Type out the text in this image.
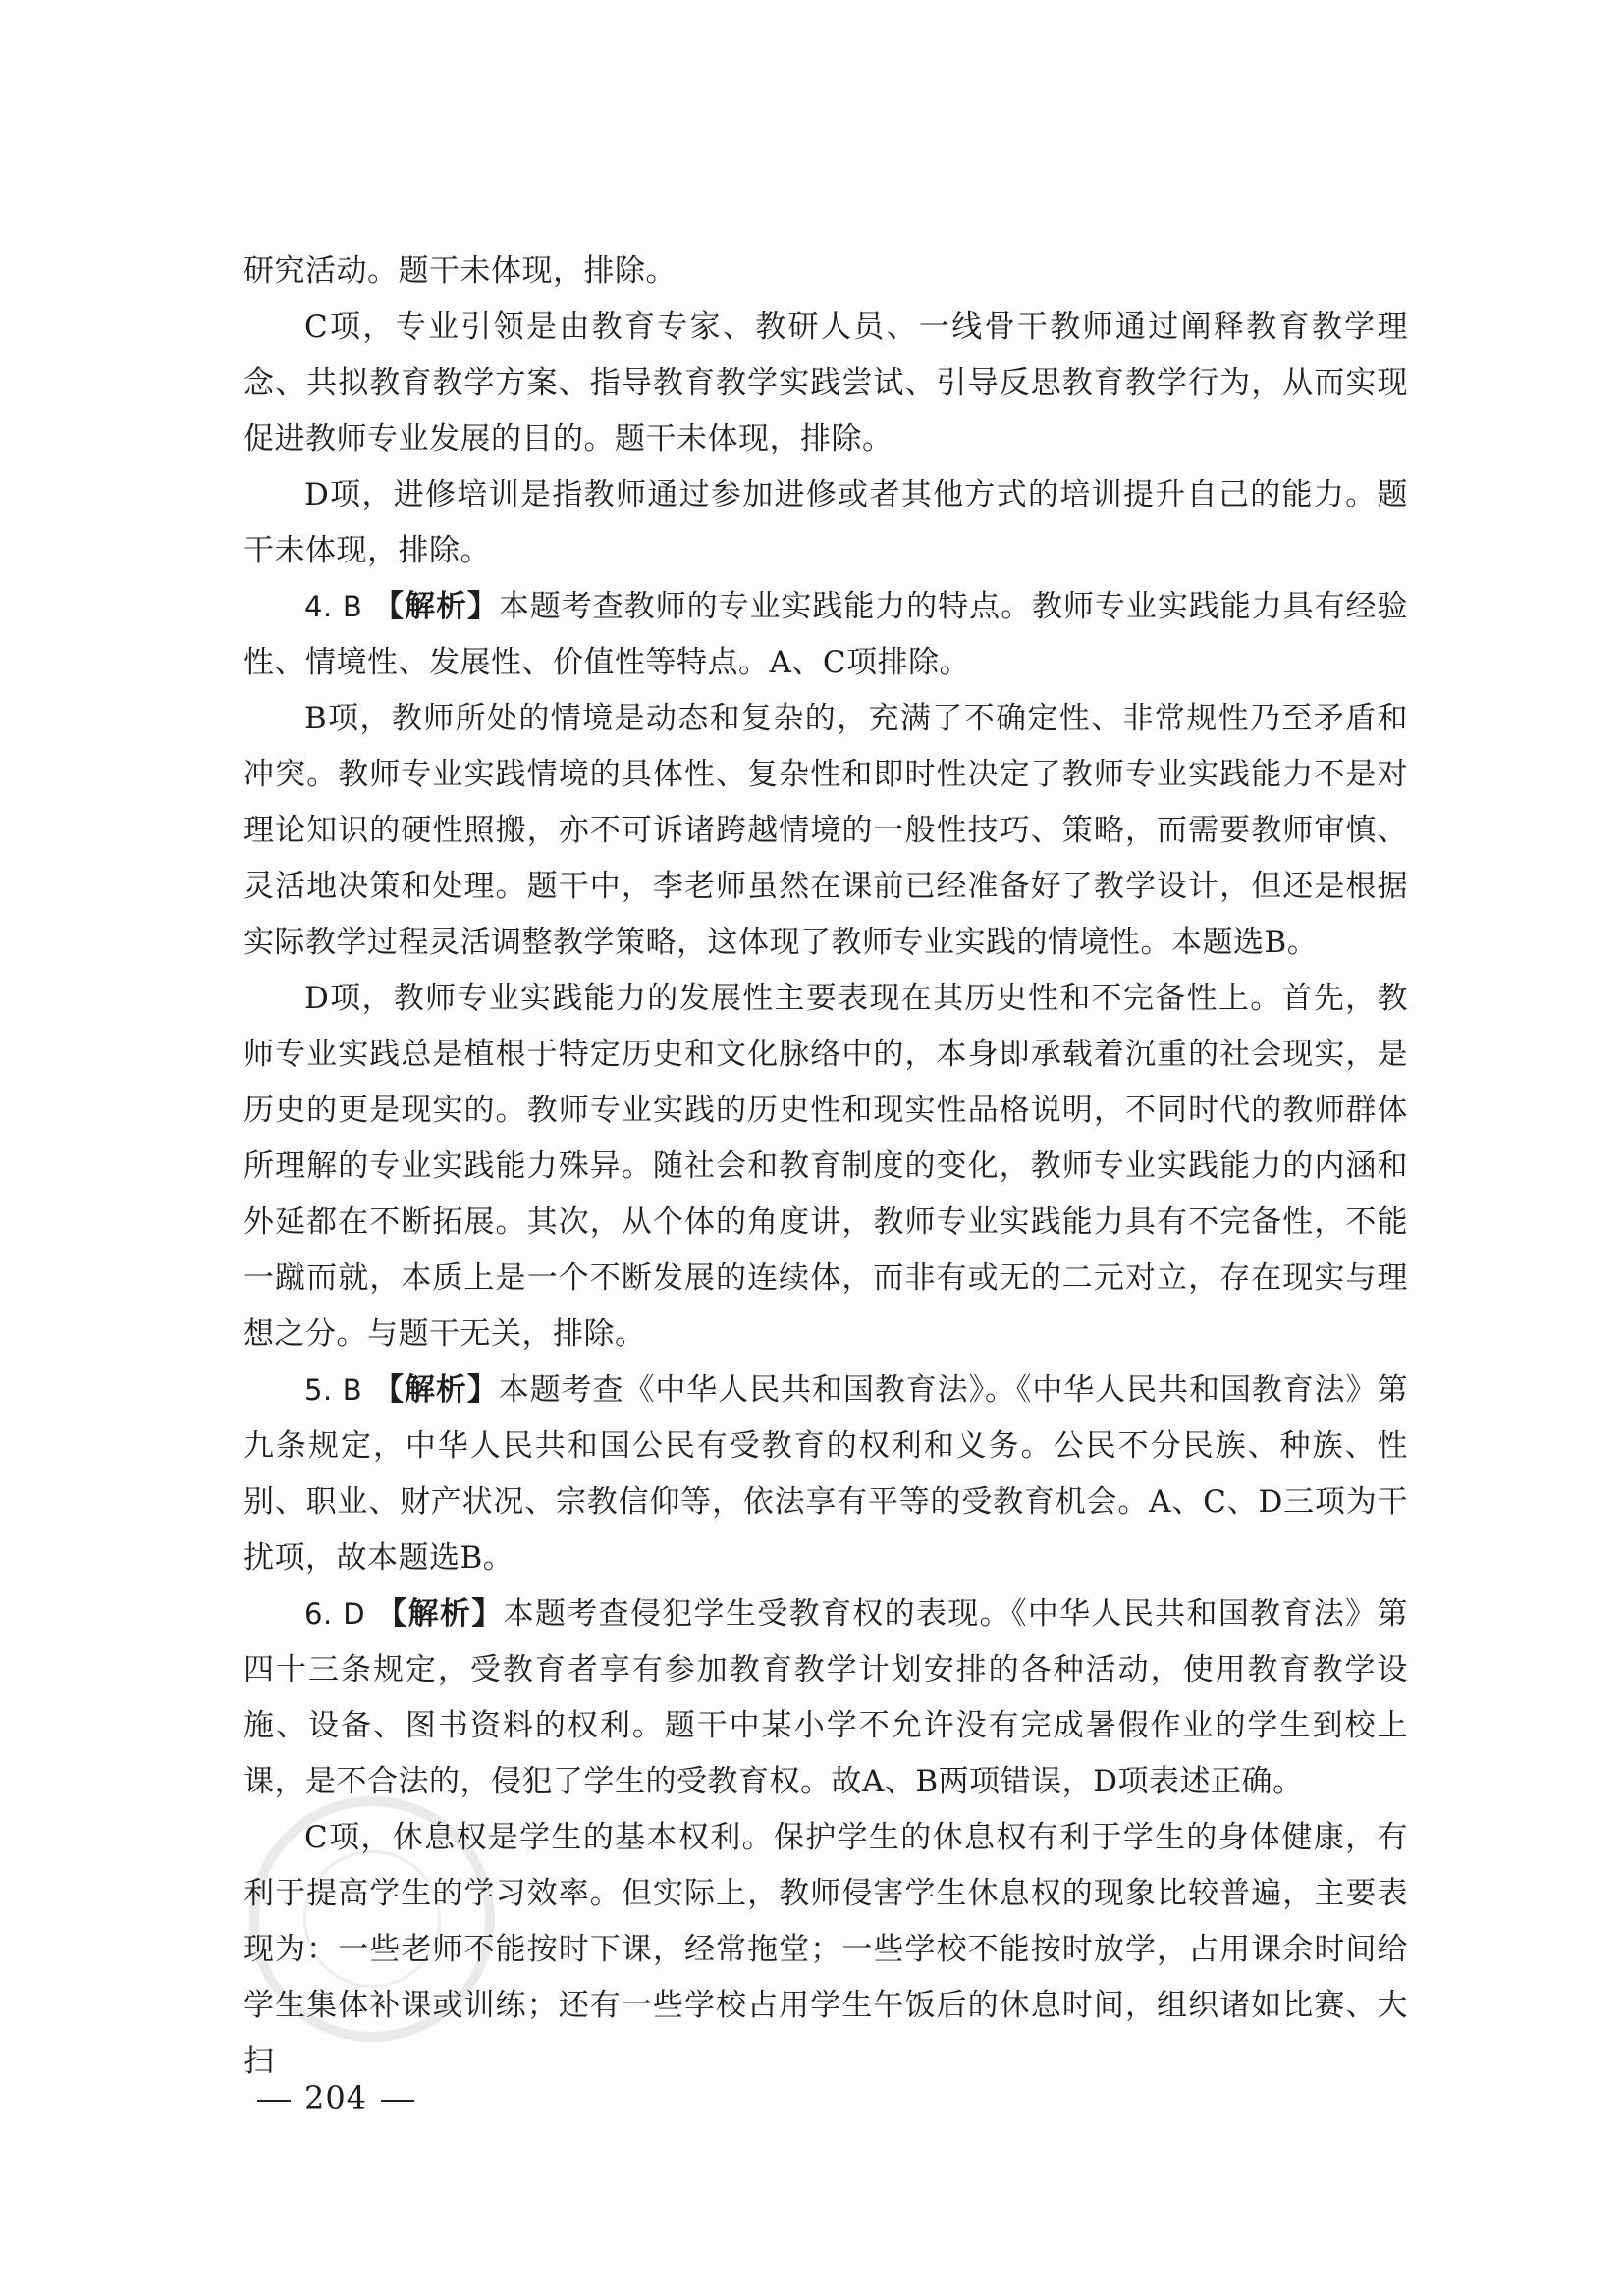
研究活动。题干未体现，排除。

C项，专业引领是由教育专家、教研人员、一线骨干教师通过阐释教育教学理念、共拟教育教学方案、指导教育教学实践尝试、引导反思教育教学行为，从而实现促进教师专业发展的目的。题干未体现，排除。

D项，进修培训是指教师通过参加进修或者其他方式的培训提升自己的能力。题干未体现，排除。

4. B 【解析】本题考查教师的专业实践能力的特点。教师专业实践能力具有经验性、情境性、发展性、价值性等特点。A、C项排除。

B项，教师所处的情境是动态和复杂的，充满了不确定性、非常规性乃至矛盾和冲突。教师专业实践情境的具体性、复杂性和即时性决定了教师专业实践能力不是对理论知识的硬性照搬，亦不可诉诸跨越情境的一般性技巧、策略，而需要教师审慎、灵活地决策和处理。题干中，李老师虽然在课前已经准备好了教学设计，但还是根据实际教学过程灵活调整教学策略，这体现了教师专业实践的情境性。本题选B。

D项，教师专业实践能力的发展性主要表现在其历史性和不完备性上。首先，教师专业实践总是植根于特定历史和文化脉络中的，本身即承载着沉重的社会现实，是历史的更是现实的。教师专业实践的历史性和现实性品格说明，不同时代的教师群体所理解的专业实践能力殊异。随社会和教育制度的变化，教师专业实践能力的内涵和外延都在不断拓展。其次，从个体的角度讲，教师专业实践能力具有不完备性，不能一蹴而就，本质上是一个不断发展的连续体，而非有或无的二元对立，存在现实与理想之分。与题干无关，排除。

5. B 【解析】本题考查《中华人民共和国教育法》。《中华人民共和国教育法》第九条规定，中华人民共和国公民有受教育的权利和义务。公民不分民族、种族、性别、职业、财产状况、宗教信仰等，依法享有平等的受教育机会。A、C、D三项为干扰项，故本题选B。

6. D 【解析】本题考查侵犯学生受教育权的表现。《中华人民共和国教育法》第四十三条规定，受教育者享有参加教育教学计划安排的各种活动，使用教育教学设施、设备、图书资料的权利。题干中某小学不允许没有完成暑假作业的学生到校上课，是不合法的，侵犯了学生的受教育权。故A、B两项错误，D项表述正确。

C项，休息权是学生的基本权利。保护学生的休息权有利于学生的身体健康，有利于提高学生的学习效率。但实际上，教师侵害学生休息权的现象比较普遍，主要表现为：一些老师不能按时下课，经常拖堂；一些学校不能按时放学，占用课余时间给学生集体补课或训练；还有一些学校占用学生午饭后的休息时间，组织诸如比赛、大扫

204
